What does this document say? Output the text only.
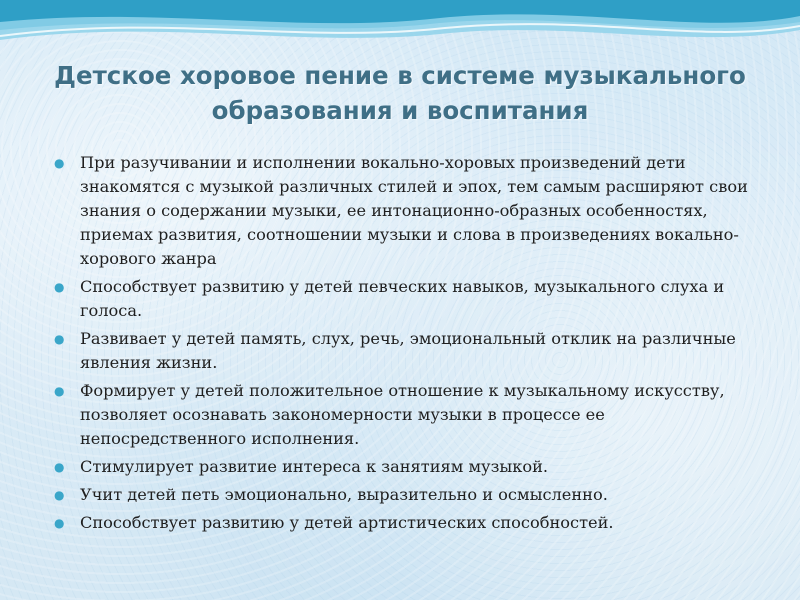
Детское хоровое пение в системе музыкального
образования и воспитания
● При разучивании и исполнении вокально-хоровых произведений дети знакомятся с музыкой различных стилей и эпох, тем самым расширяют свои знания о содержании музыки, ее интонационно-образных особенностях, приемах развития, соотношении музыки и слова в произведениях вокально-хорового жанра
● Способствует развитию у детей певческих навыков, музыкального слуха и голоса.
● Развивает у детей память, слух, речь, эмоциональный отклик на различные явления жизни.
● Формирует у детей положительное отношение к музыкальному искусству, позволяет осознавать закономерности музыки в процессе ее непосредственного исполнения.
● Стимулирует развитие интереса к занятиям музыкой.
● Учит детей петь эмоционально, выразительно и осмысленно.
● Способствует развитию у детей артистических способностей.
